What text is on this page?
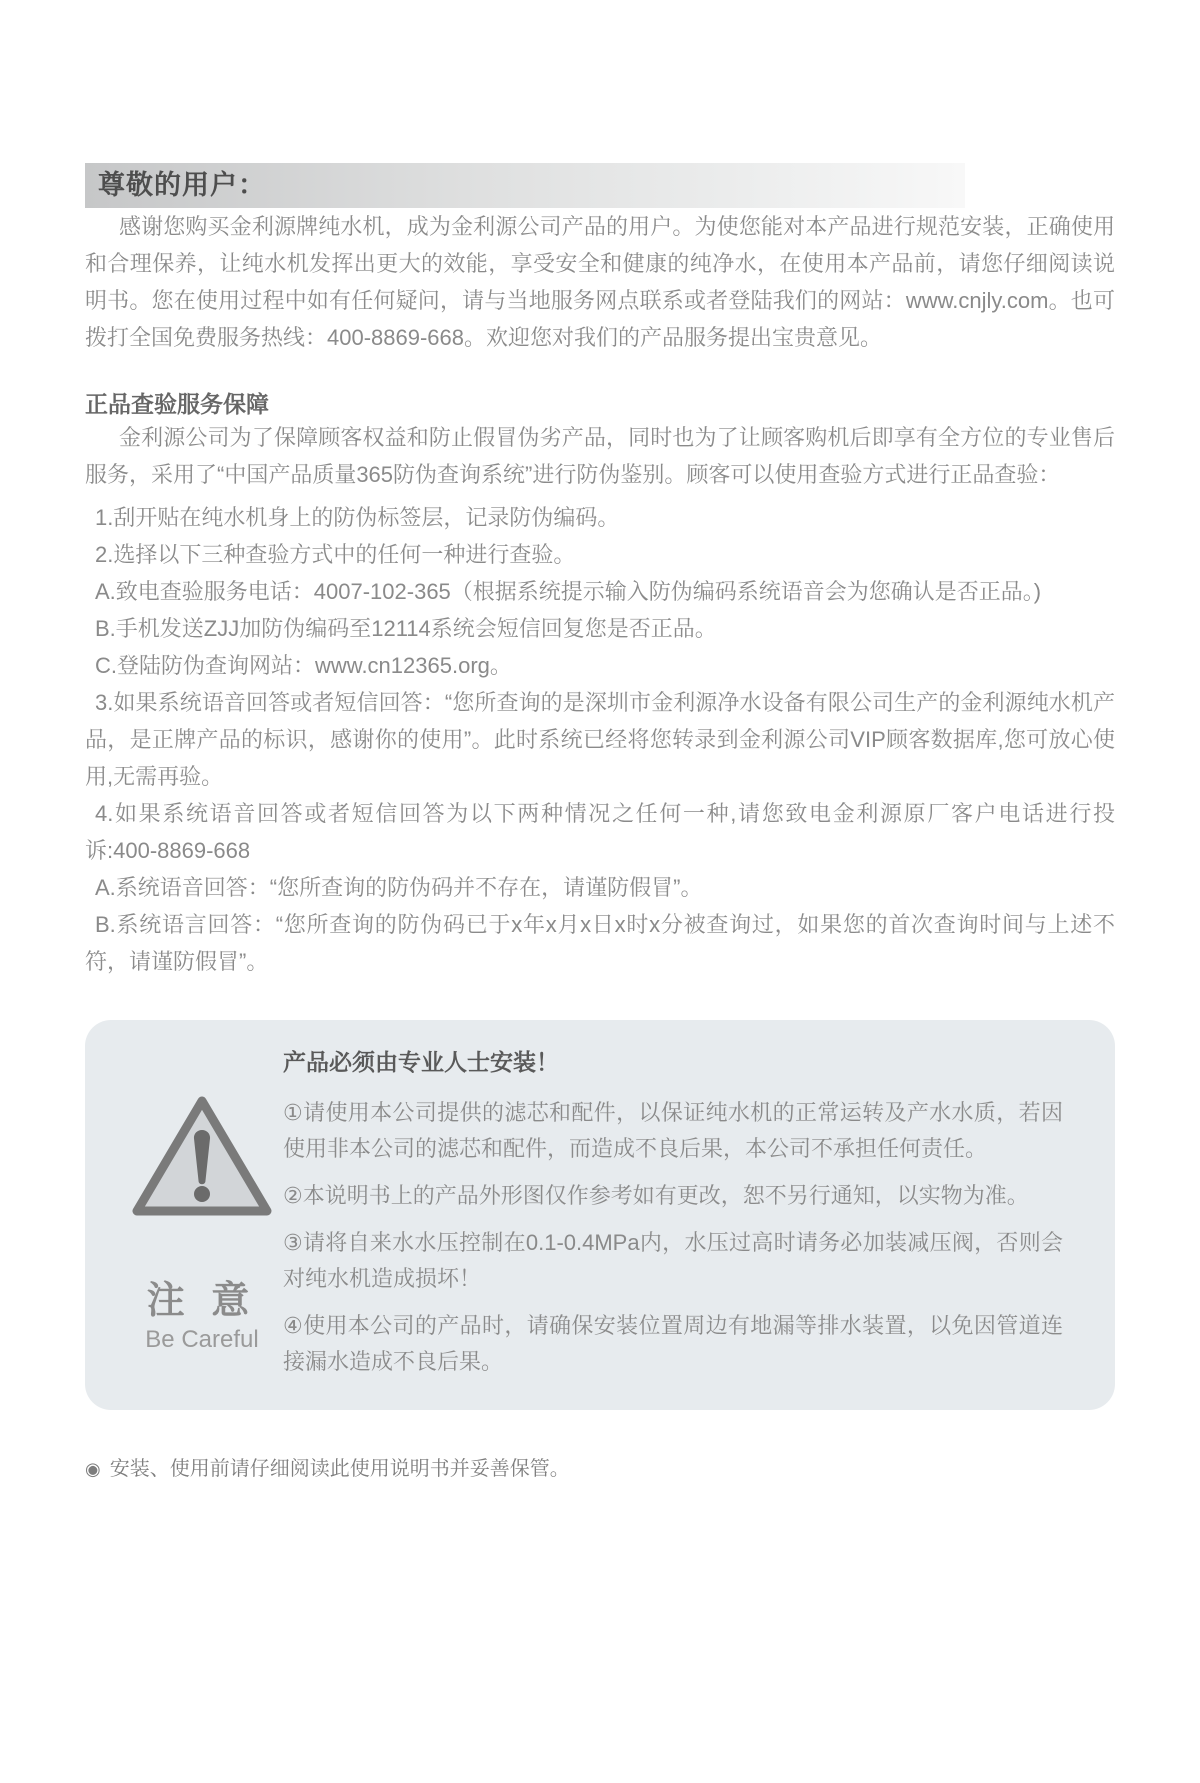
尊敬的用户：

感谢您购买金利源牌纯水机，成为金利源公司产品的用户。为使您能对本产品进行规范安装，正确使用和合理保养，让纯水机发挥出更大的效能，享受安全和健康的纯净水，在使用本产品前，请您仔细阅读说明书。您在使用过程中如有任何疑问，请与当地服务网点联系或者登陆我们的网站：www.cnjly.com。也可拨打全国免费服务热线：400-8869-668。欢迎您对我们的产品服务提出宝贵意见。

正品查验服务保障

金利源公司为了保障顾客权益和防止假冒伪劣产品，同时也为了让顾客购机后即享有全方位的专业售后服务，采用了“中国产品质量365防伪查询系统”进行防伪鉴别。顾客可以使用查验方式进行正品查验：

1.刮开贴在纯水机身上的防伪标签层，记录防伪编码。

2.选择以下三种查验方式中的任何一种进行查验。

A.致电查验服务电话：4007-102-365（根据系统提示输入防伪编码系统语音会为您确认是否正品。)

B.手机发送ZJJ加防伪编码至12114系统会短信回复您是否正品。

C.登陆防伪查询网站：www.cn12365.org。

3.如果系统语音回答或者短信回答：“您所查询的是深圳市金利源净水设备有限公司生产的金利源纯水机产品，是正牌产品的标识，感谢你的使用”。此时系统已经将您转录到金利源公司VIP顾客数据库,您可放心使用,无需再验。

4.如果系统语音回答或者短信回答为以下两种情况之任何一种,请您致电金利源原厂客户电话进行投诉:400-8869-668

A.系统语音回答：“您所查询的防伪码并不存在，请谨防假冒”。

B.系统语言回答：“您所查询的防伪码已于x年x月x日x时x分被查询过，如果您的首次查询时间与上述不符，请谨防假冒”。

注 意
Be Careful

产品必须由专业人士安装！

①请使用本公司提供的滤芯和配件，以保证纯水机的正常运转及产水水质，若因使用非本公司的滤芯和配件，而造成不良后果，本公司不承担任何责任。

②本说明书上的产品外形图仅作参考如有更改，恕不另行通知，以实物为准。

③请将自来水水压控制在0.1-0.4MPa内，水压过高时请务必加装减压阀，否则会对纯水机造成损坏！

④使用本公司的产品时，请确保安装位置周边有地漏等排水装置，以免因管道连接漏水造成不良后果。

◉ 安装、使用前请仔细阅读此使用说明书并妥善保管。
